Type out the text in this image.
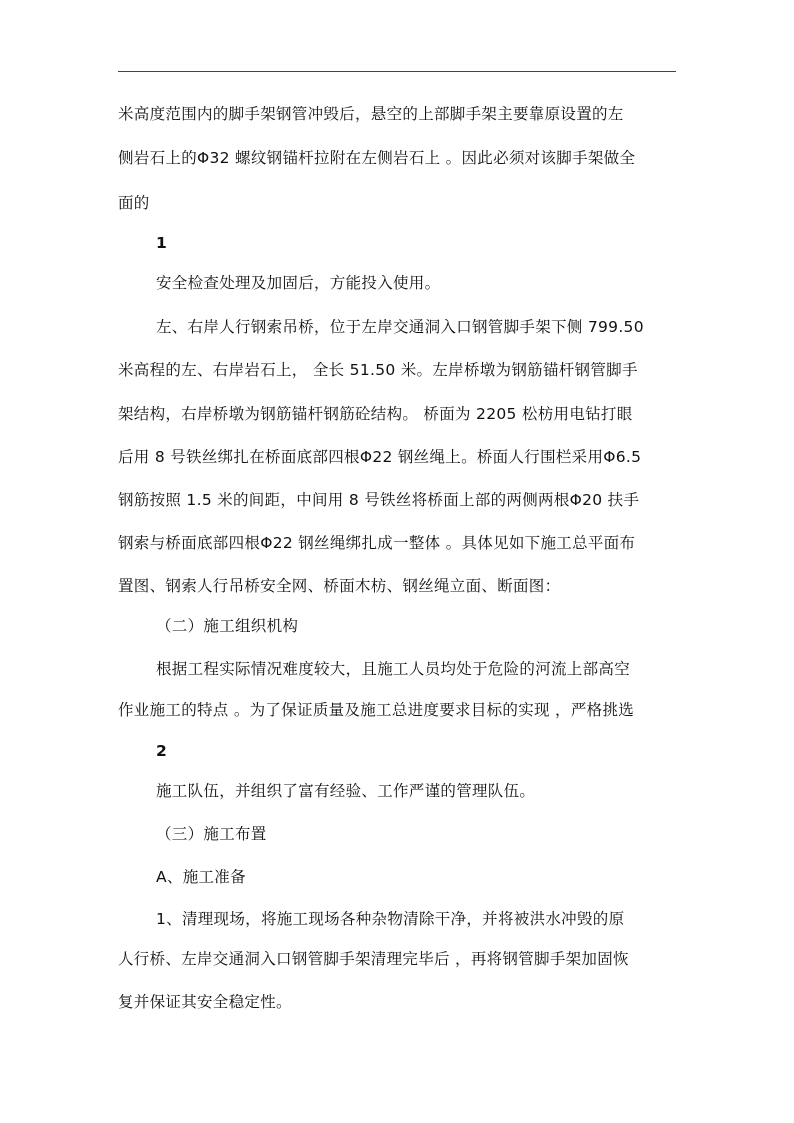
米高度范围内的脚手架钢管冲毁后，悬空的上部脚手架主要靠原设置的左
侧岩石上的Φ32 螺纹钢锚杆拉附在左侧岩石上 。因此必须对该脚手架做全
面的
1
安全检查处理及加固后，方能投入使用。
左、右岸人行钢索吊桥，位于左岸交通洞入口钢管脚手架下侧 799.50
米高程的左、右岸岩石上， 全长 51.50 米。左岸桥墩为钢筋锚杆钢管脚手
架结构，右岸桥墩为钢筋锚杆钢筋砼结构。 桥面为 2205 松枋用电钻打眼
后用 8 号铁丝绑扎在桥面底部四根Φ22 钢丝绳上。桥面人行围栏采用Φ6.5
钢筋按照 1.5 米的间距，中间用 8 号铁丝将桥面上部的两侧两根Φ20 扶手
钢索与桥面底部四根Φ22 钢丝绳绑扎成一整体 。具体见如下施工总平面布
置图、钢索人行吊桥安全网、桥面木枋、钢丝绳立面、断面图：
（二）施工组织机构
根据工程实际情况难度较大，且施工人员均处于危险的河流上部高空
作业施工的特点 。为了保证质量及施工总进度要求目标的实现 ，严格挑选
2
施工队伍，并组织了富有经验、工作严谨的管理队伍。
（三）施工布置
A、施工准备
1、清理现场，将施工现场各种杂物清除干净，并将被洪水冲毁的原
人行桥、左岸交通洞入口钢管脚手架清理完毕后 ，再将钢管脚手架加固恢
复并保证其安全稳定性。
